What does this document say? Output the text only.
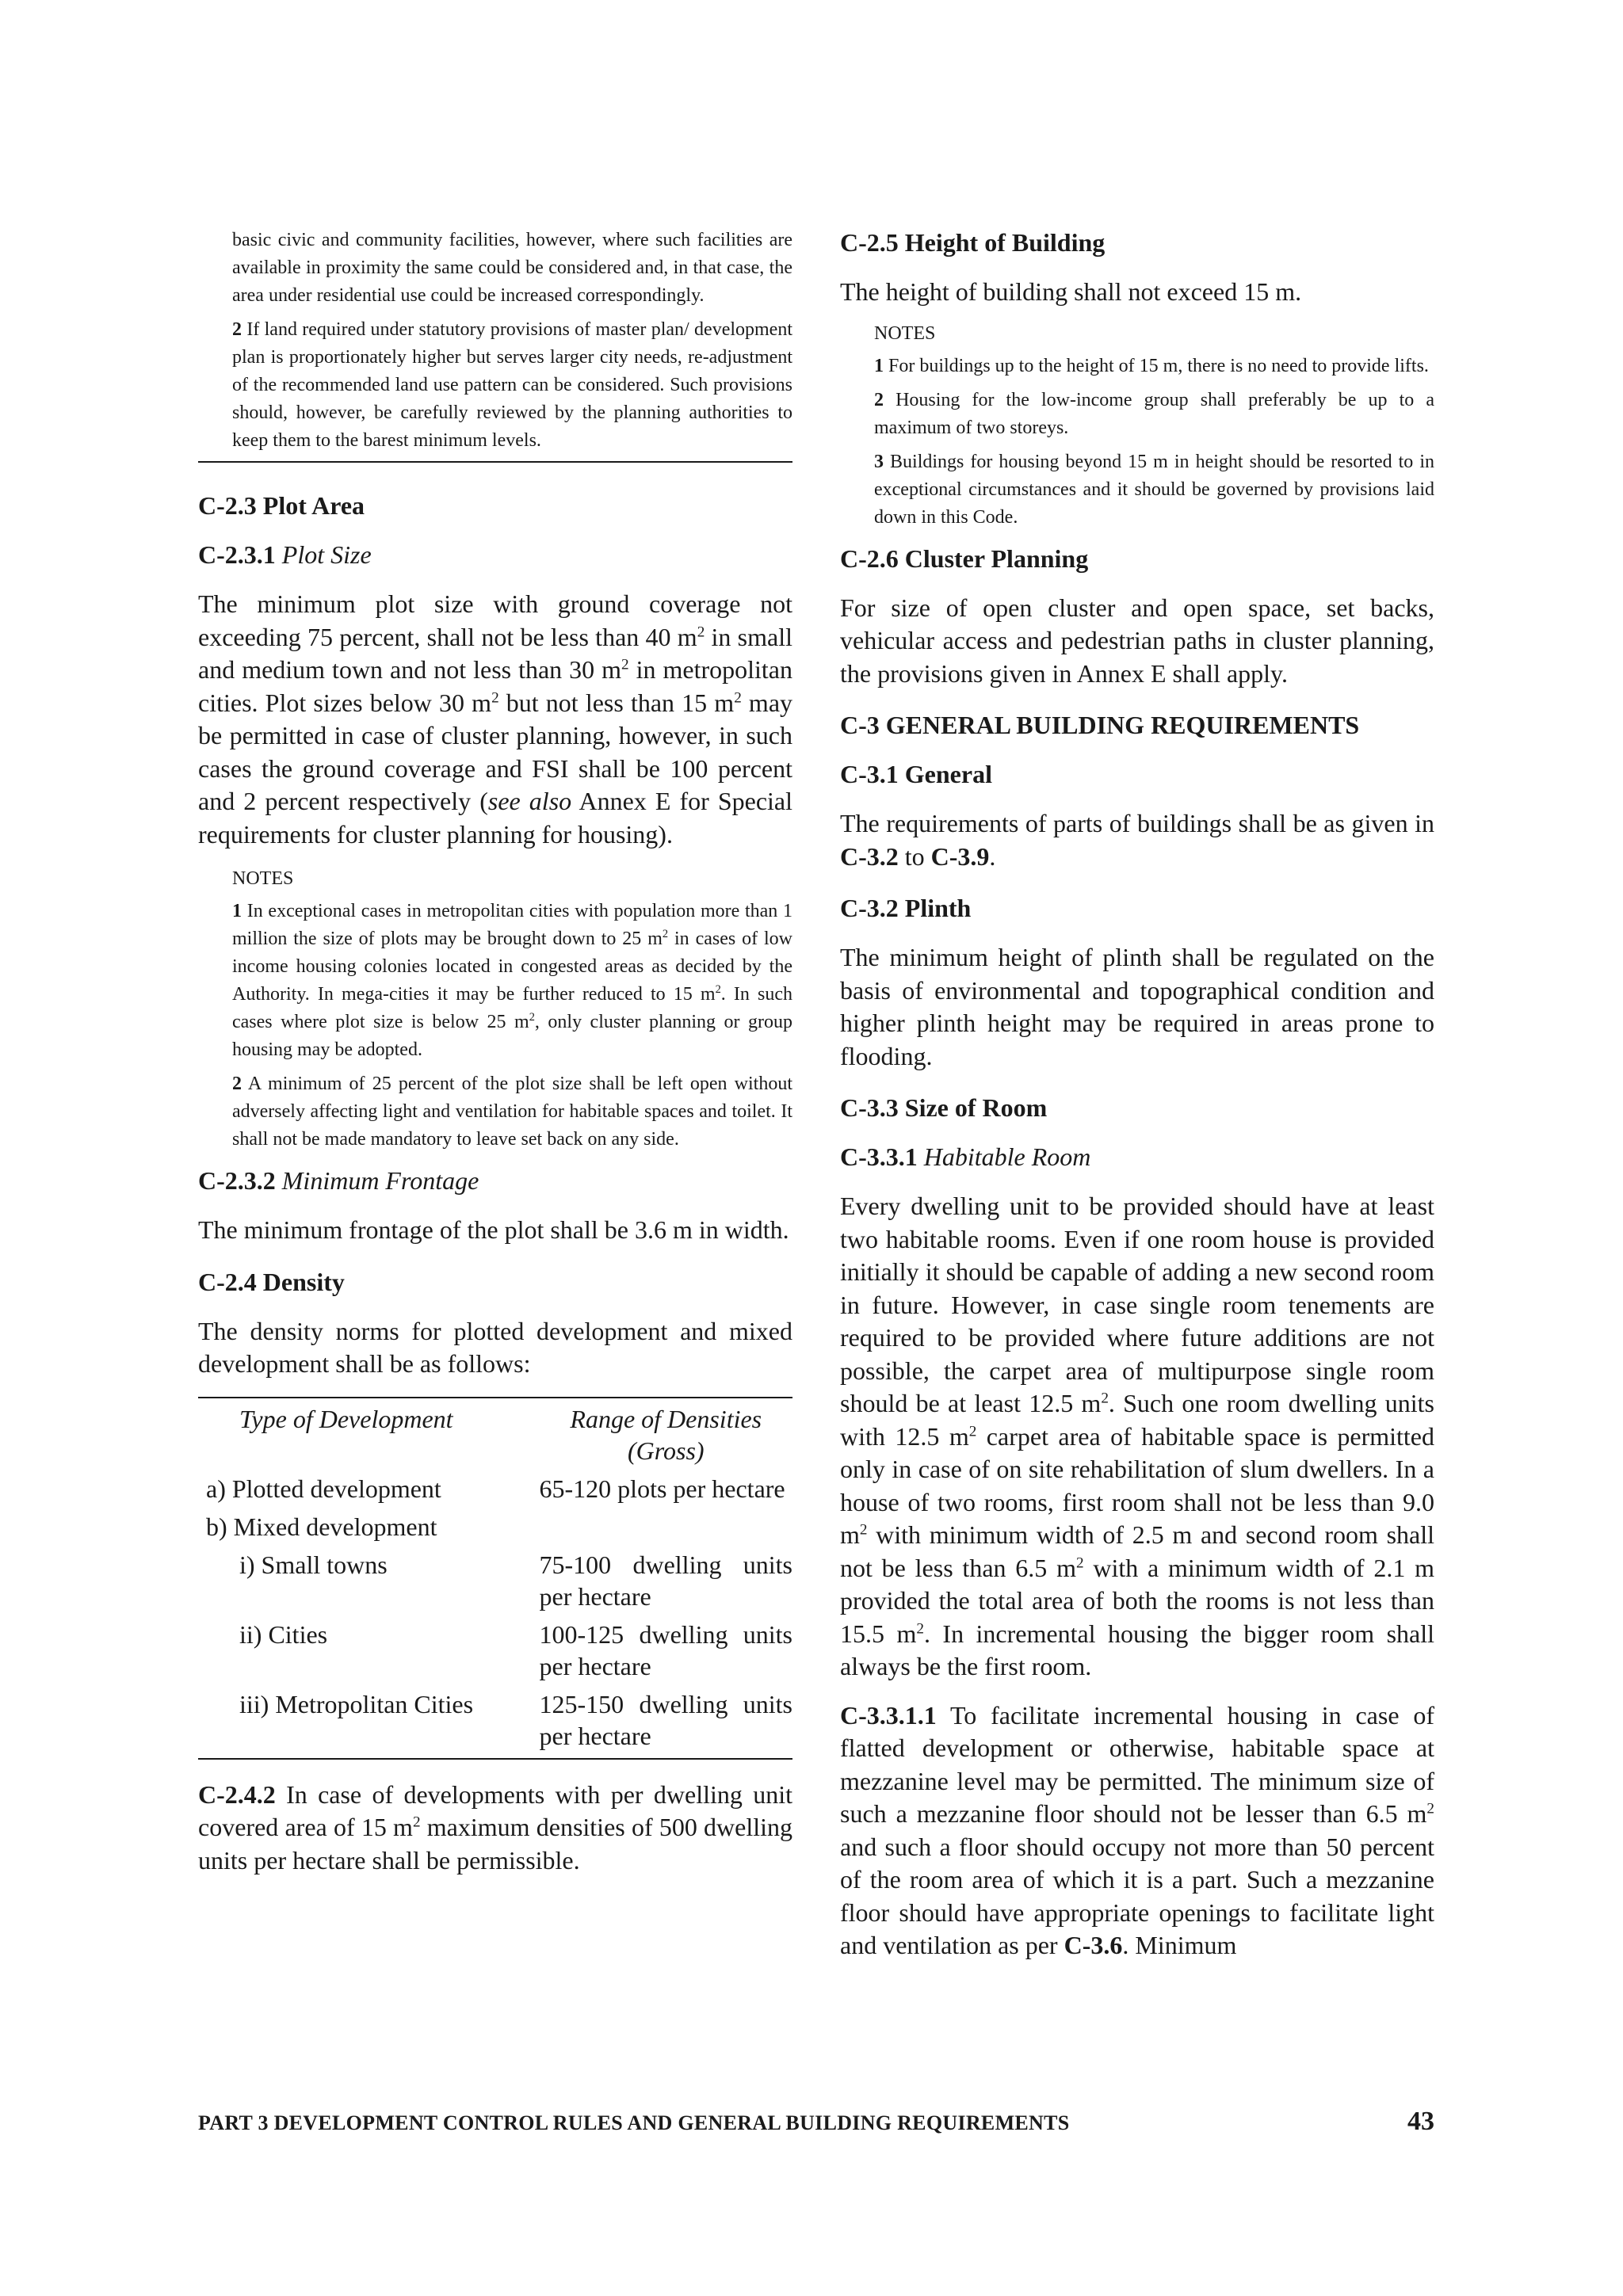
basic civic and community facilities, however, where such facilities are available in proximity the same could be considered and, in that case, the area under residential use could be increased correspondingly.

2 If land required under statutory provisions of master plan/ development plan is proportionately higher but serves larger city needs, re-adjustment of the recommended land use pattern can be considered. Such provisions should, however, be carefully reviewed by the planning authorities to keep them to the barest minimum levels.

C-2.3 Plot Area

C-2.3.1 Plot Size

The minimum plot size with ground coverage not exceeding 75 percent, shall not be less than 40 $m^2$ in small and medium town and not less than 30 $m^2$ in metropolitan cities. Plot sizes below 30 $m^2$ but not less than 15 $m^2$ may be permitted in case of cluster planning, however, in such cases the ground coverage and FSI shall be 100 percent and 2 percent respectively (see also Annex E for Special requirements for cluster planning for housing).

NOTES

1 In exceptional cases in metropolitan cities with population more than 1 million the size of plots may be brought down to 25 $m^2$ in cases of low income housing colonies located in congested areas as decided by the Authority. In mega-cities it may be further reduced to 15 $m^2$. In such cases where plot size is below 25 $m^2$, only cluster planning or group housing may be adopted.

2 A minimum of 25 percent of the plot size shall be left open without adversely affecting light and ventilation for habitable spaces and toilet. It shall not be made mandatory to leave set back on any side.

C-2.3.2 Minimum Frontage

The minimum frontage of the plot shall be 3.6 m in width.

C-2.4 Density

The density norms for plotted development and mixed development shall be as follows:

Type of Development	Range of Densities (Gross)
a) Plotted development	65-120 plots per hectare
b) Mixed development	
i) Small towns	75-100 dwelling units per hectare
ii) Cities	100-125 dwelling units per hectare
iii) Metropolitan Cities	125-150 dwelling units per hectare

C-2.4.2 In case of developments with per dwelling unit covered area of 15 $m^2$ maximum densities of 500 dwelling units per hectare shall be permissible.

C-2.5 Height of Building

The height of building shall not exceed 15 m.

NOTES

1 For buildings up to the height of 15 m, there is no need to provide lifts.

2 Housing for the low-income group shall preferably be up to a maximum of two storeys.

3 Buildings for housing beyond 15 m in height should be resorted to in exceptional circumstances and it should be governed by provisions laid down in this Code.

C-2.6 Cluster Planning

For size of open cluster and open space, set backs, vehicular access and pedestrian paths in cluster planning, the provisions given in Annex E shall apply.

C-3 GENERAL BUILDING REQUIREMENTS

C-3.1 General

The requirements of parts of buildings shall be as given in C-3.2 to C-3.9.

C-3.2 Plinth

The minimum height of plinth shall be regulated on the basis of environmental and topographical condition and higher plinth height may be required in areas prone to flooding.

C-3.3 Size of Room

C-3.3.1 Habitable Room

Every dwelling unit to be provided should have at least two habitable rooms. Even if one room house is provided initially it should be capable of adding a new second room in future. However, in case single room tenements are required to be provided where future additions are not possible, the carpet area of multipurpose single room should be at least 12.5 $m^2$. Such one room dwelling units with 12.5 $m^2$ carpet area of habitable space is permitted only in case of on site rehabilitation of slum dwellers. In a house of two rooms, first room shall not be less than 9.0 $m^2$ with minimum width of 2.5 m and second room shall not be less than 6.5 $m^2$ with a minimum width of 2.1 m provided the total area of both the rooms is not less than 15.5 $m^2$. In incremental housing the bigger room shall always be the first room.

C-3.3.1.1 To facilitate incremental housing in case of flatted development or otherwise, habitable space at mezzanine level may be permitted. The minimum size of such a mezzanine floor should not be lesser than 6.5 $m^2$ and such a floor should occupy not more than 50 percent of the room area of which it is a part. Such a mezzanine floor should have appropriate openings to facilitate light and ventilation as per C-3.6. Minimum

PART 3 DEVELOPMENT CONTROL RULES AND GENERAL BUILDING REQUIREMENTS	43
